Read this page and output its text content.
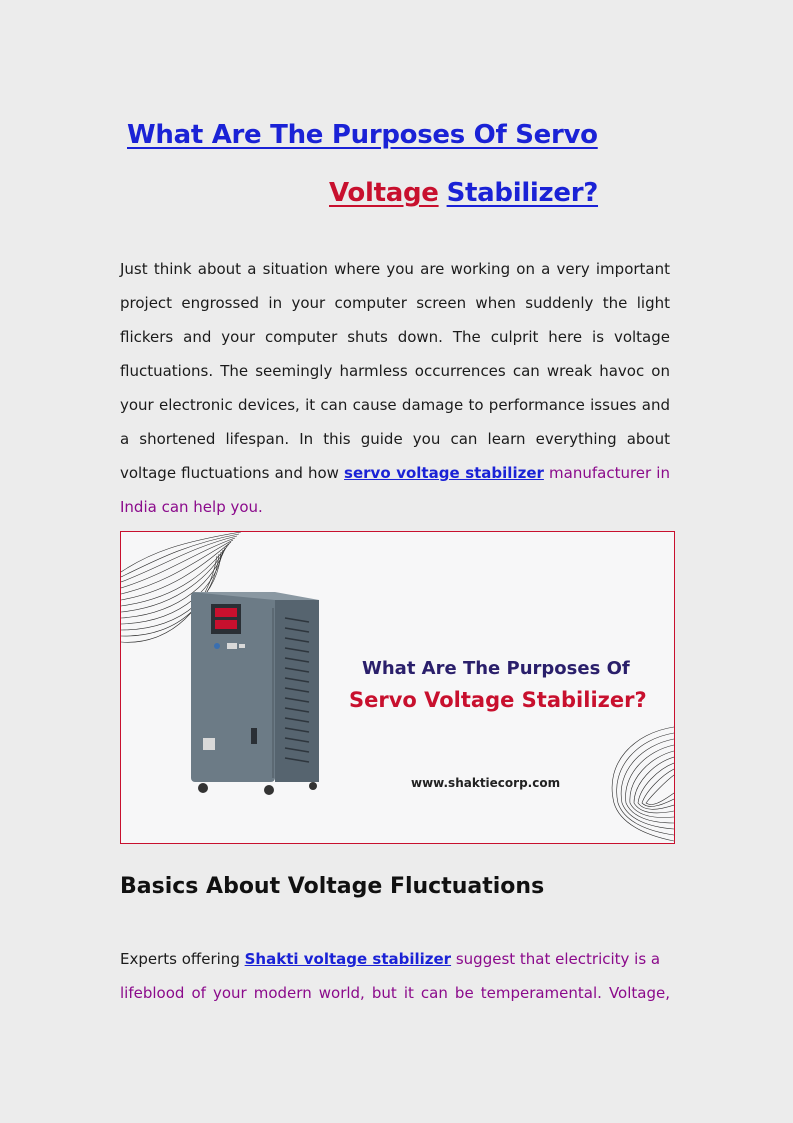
What Are The Purposes Of Servo
Voltage Stabilizer?
Just think about a situation where you are working on a very important
project engrossed in your computer screen when suddenly the light
flickers and your computer shuts down. The culprit here is voltage
fluctuations. The seemingly harmless occurrences can wreak havoc on
your electronic devices, it can cause damage to performance issues and
a shortened lifespan. In this guide you can learn everything about
voltage fluctuations and how servo voltage stabilizer manufacturer in
India can help you.
What Are The Purposes Of
Servo Voltage Stabilizer?
www.shaktiecorp.com
Basics About Voltage Fluctuations
Experts offering Shakti voltage stabilizer suggest that electricity is a
lifeblood of your modern world, but it can be temperamental. Voltage,
